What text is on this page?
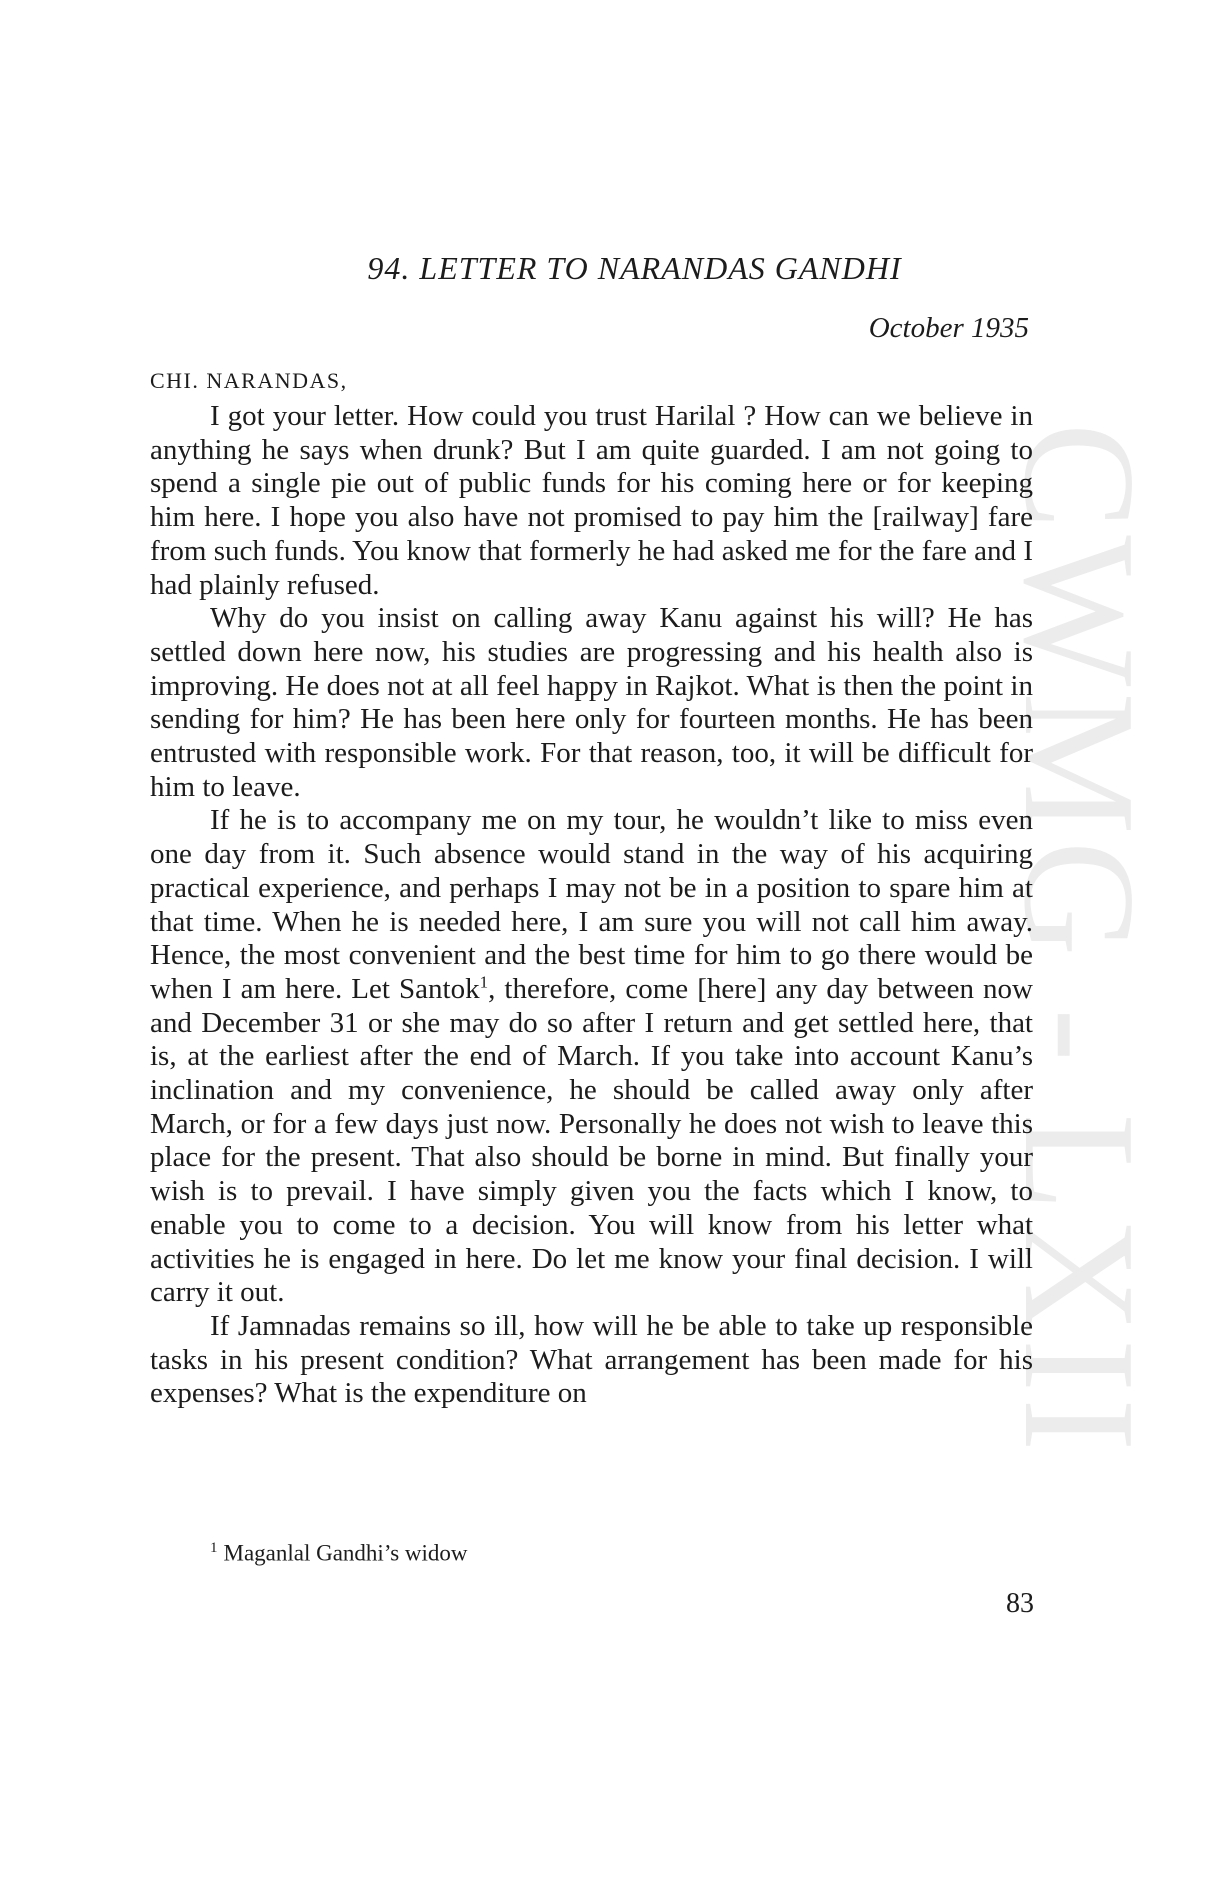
CWMG - LXII
94. LETTER TO NARANDAS GANDHI
October 1935
CHI. NARANDAS,

I got your letter. How could you trust Harilal ? How can we believe in anything he says when drunk? But I am quite guarded. I am not going to spend a single pie out of public funds for his coming here or for keeping him here. I hope you also have not promised to pay him the [railway] fare from such funds. You know that formerly he had asked me for the fare and I had plainly refused.

Why do you insist on calling away Kanu against his will? He has settled down here now, his studies are progressing and his health also is improving. He does not at all feel happy in Rajkot. What is then the point in sending for him? He has been here only for fourteen months. He has been entrusted with responsible work. For that reason, too, it will be difficult for him to leave.

If he is to accompany me on my tour, he wouldn’t like to miss even one day from it. Such absence would stand in the way of his acquiring practical experience, and perhaps I may not be in a position to spare him at that time. When he is needed here, I am sure you will not call him away. Hence, the most convenient and the best time for him to go there would be when I am here. Let Santok$^1$, therefore, come [here] any day between now and December 31 or she may do so after I return and get settled here, that is, at the earliest after the end of March. If you take into account Kanu’s inclination and my convenience, he should be called away only after March, or for a few days just now. Personally he does not wish to leave this place for the present. That also should be borne in mind. But finally your wish is to prevail. I have simply given you the facts which I know, to enable you to come to a decision. You will know from his letter what activities he is engaged in here. Do let me know your final decision. I will carry it out.

If Jamnadas remains so ill, how will he be able to take up responsible tasks in his present condition? What arrangement has been made for his expenses? What is the expenditure on

$^1$ Maganlal Gandhi’s widow
83
